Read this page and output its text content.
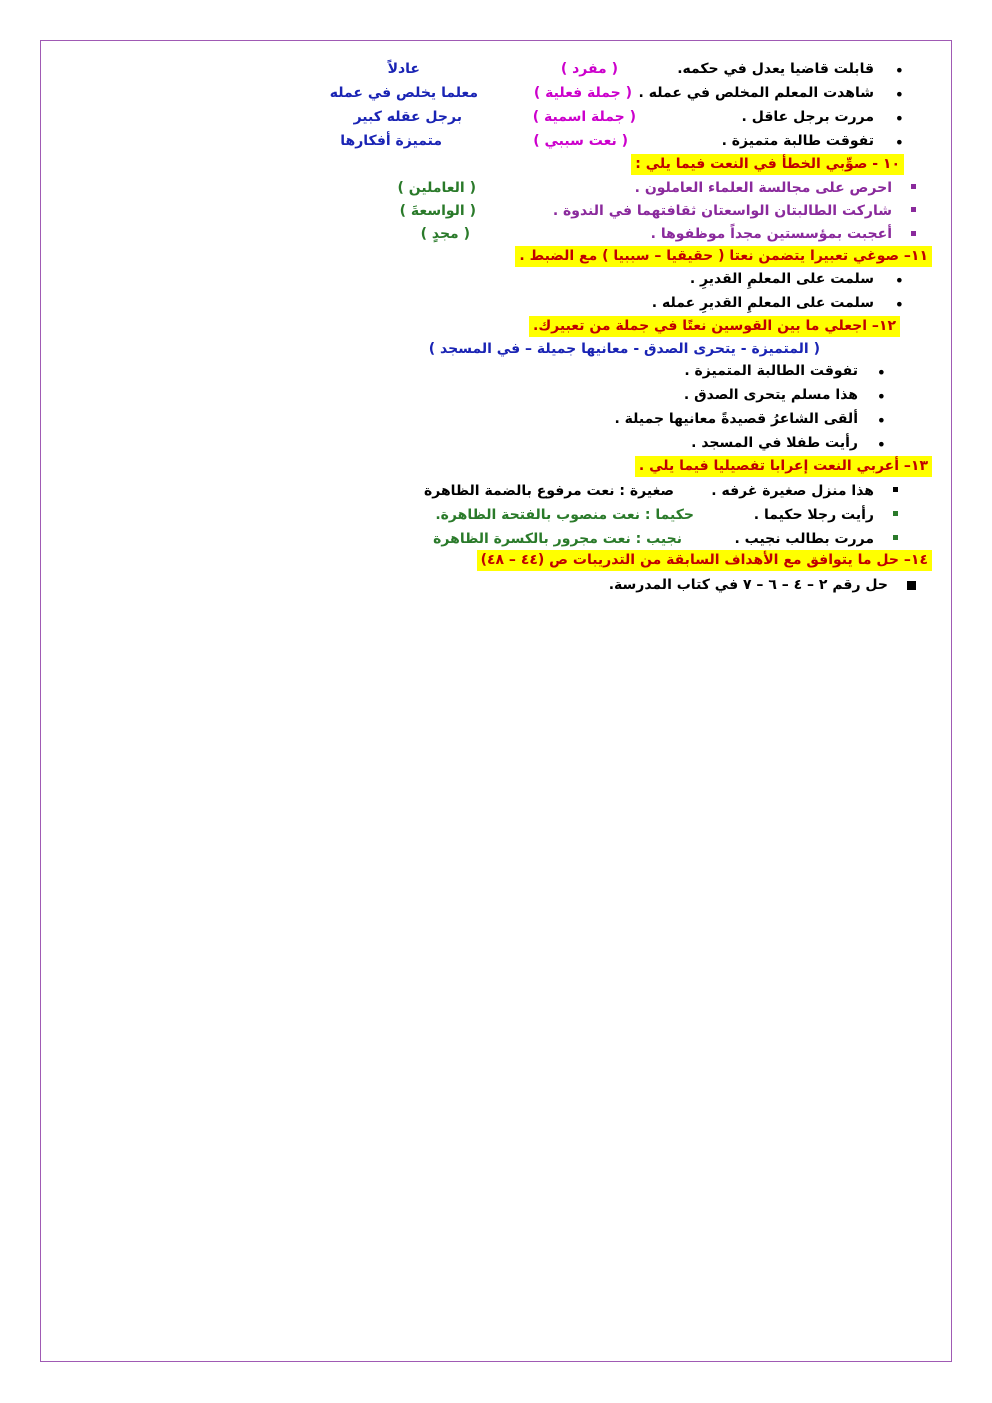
•
قابلت قاضيا يعدل في حكمه.
( مفرد )
عادلاً
•
شاهدت المعلم المخلص في عمله .
( جملة فعلية )
معلما يخلص في عمله
•
مررت برجل عاقل .
( جملة اسمية )
برجل عقله كبير
•
تفوقت طالبة متميزة .
( نعت سببي )
متميزة أفكارها
١٠ - صوِّبي الخطأ في النعت فيما يلي :
احرص على مجالسة العلماء العاملون .
( العاملين )
شاركت الطالبتان الواسعتان ثقافتهما في الندوة .
( الواسعةَ )
أعجبت بمؤسستين مجداً موظفوها .
( مجدٍ )
١١– صوغي تعبيرا يتضمن نعتا ( حقيقيا – سببيا ) مع الضبط .
•
سلمت على المعلمِ القديرِ .
•
سلمت على المعلمِ القديرِ عمله .
١٢– اجعلي ما بين القوسين نعتًا في جملة من تعبيرك.
( المتميزة - يتحرى الصدق - معانيها جميلة – في المسجد )
•
تفوقت الطالبة المتميزة .
•
هذا مسلم يتحرى الصدق .
•
ألقى الشاعرُ قصيدةً معانيها جميلة .
•
رأيت طفلا في المسجد .
١٣– أعربي النعت إعرابا تفصيليا فيما يلي .
هذا منزل صغيرة غرفه .
صغيرة : نعت مرفوع بالضمة الظاهرة
رأيت رجلا حكيما .
حكيما : نعت منصوب بالفتحة الظاهرة.
مررت بطالب نجيب .
نجيب : نعت مجرور بالكسرة الظاهرة
١٤– حل ما يتوافق مع الأهداف السابقة من التدريبات ص (٤٤ – ٤٨)
حل رقم ٢ – ٤ – ٦ – ٧ في كتاب المدرسة.
